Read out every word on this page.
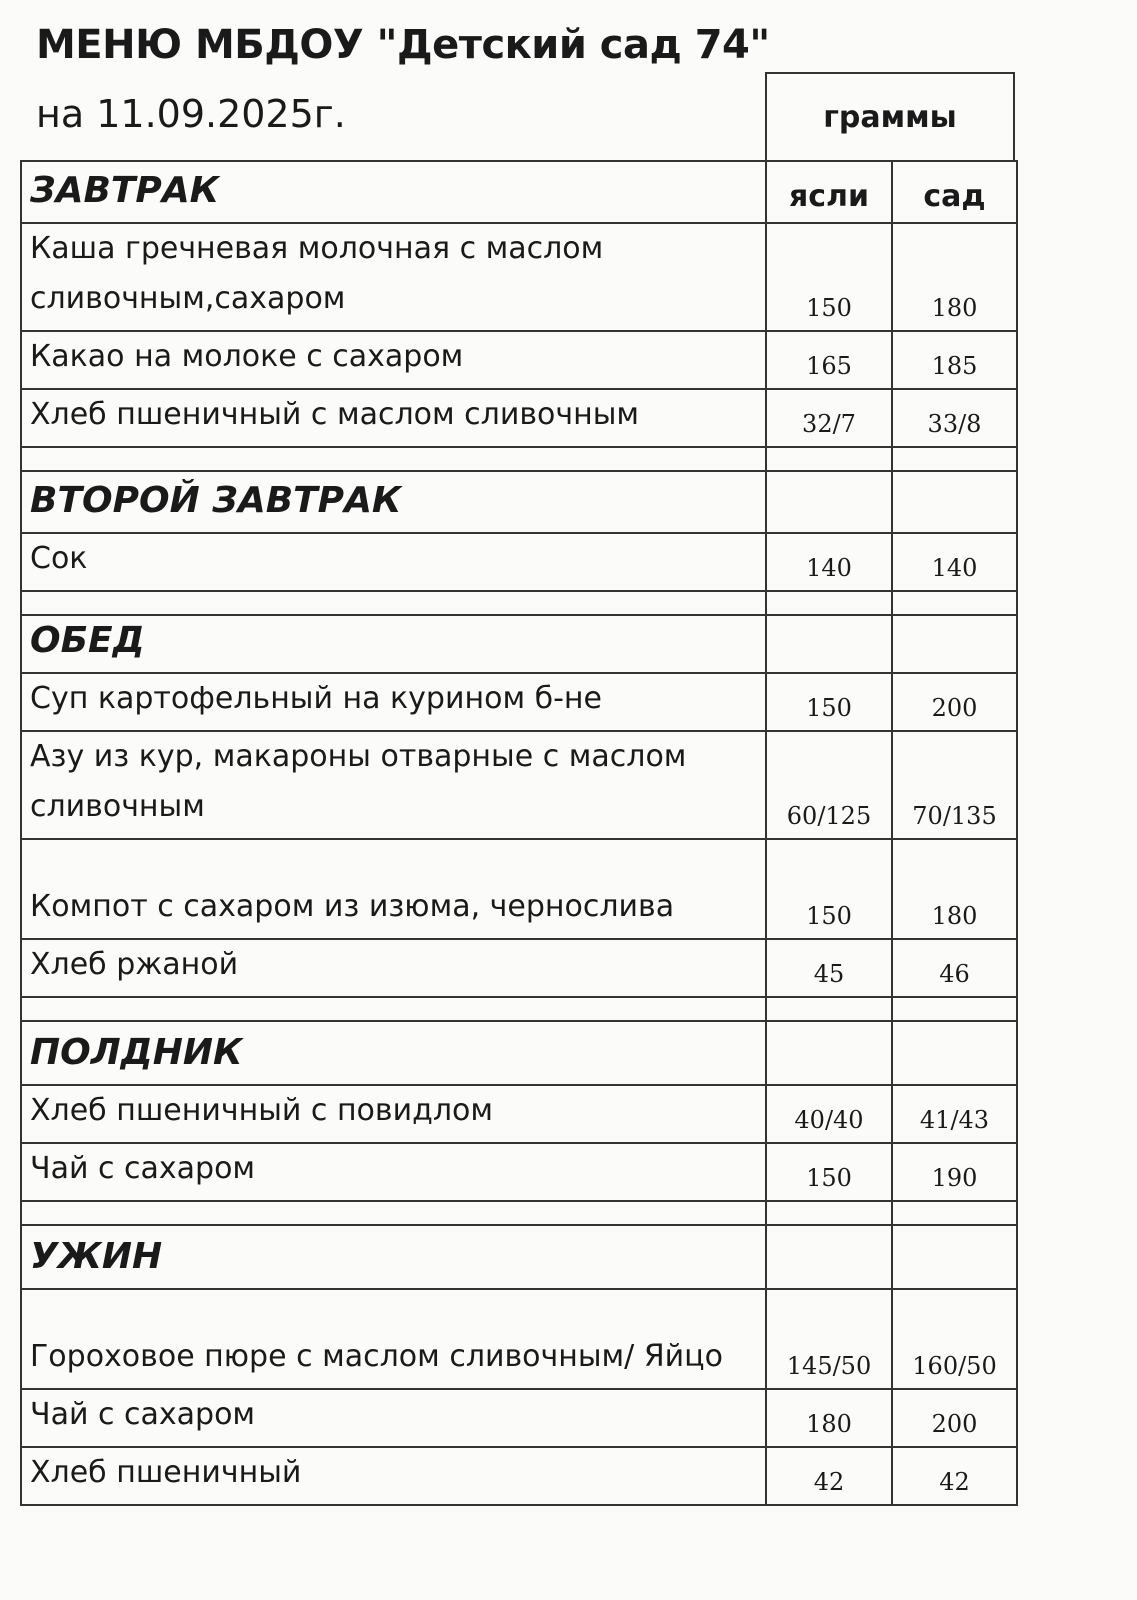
МЕНЮ МБДОУ "Детский сад 74"
на 11.09.2025г.	граммы
ЗАВТРАК	ясли	сад
Каша гречневая молочная с маслом сливочным,сахаром	150	180
Какао на молоке с сахаром	165	185
Хлеб пшеничный с маслом сливочным	32/7	33/8

ВТОРОЙ ЗАВТРАК		
Сок	140	140

ОБЕД		
Суп картофельный на курином б-не	150	200
Азу из кур, макароны отварные с маслом сливочным	60/125	70/135
Компот с сахаром из изюма, чернослива	150	180
Хлеб ржаной	45	46

ПОЛДНИК		
Хлеб пшеничный с повидлом	40/40	41/43
Чай с сахаром	150	190

УЖИН		
Гороховое пюре с маслом сливочным/ Яйцо	145/50	160/50
Чай с сахаром	180	200
Хлеб пшеничный	42	42
